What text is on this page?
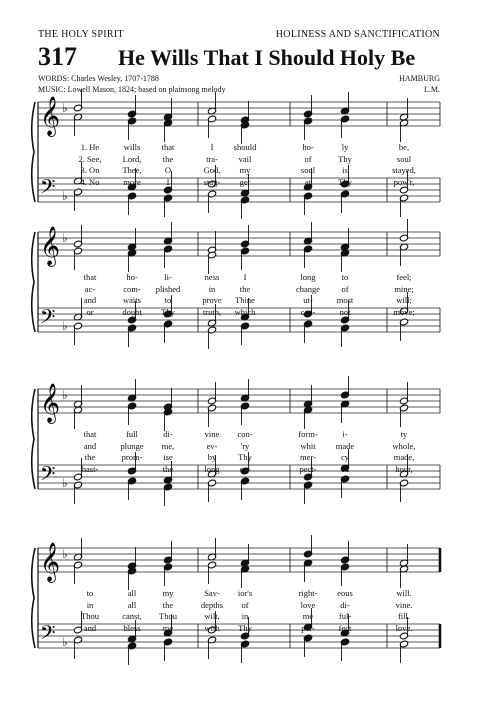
THE HOLY SPIRIT	HOLINESS AND SANCTIFICATION
317 He Wills That I Should Holy Be
WORDS: Charles Wesley, 1707-1788
MUSIC: Lowell Mason, 1824; based on plainsong melody
HAMBURG
L.M.
𝄞
𝄢
♭
♭
𝄞
𝄢
♭
♭
𝄞
𝄢
♭
♭
𝄞
𝄢
♭
♭
1. He	wills	that	I should	ho-	ly	be,
2. See, Lord,	the	tra- vail	of	Thy	soul
3. On	Thee,	O	God, my	soul	is	stayed,
4. No	more	I	stag- ger	at	Thy	pow'r,
that	ho-	li-	ness	I	long	to	feel;
ac-	com- plished	in	the	change	of	mine;
and	waits	to	prove Thine	ut-	most	will;
or	doubt Thy	truth, which	can-	not	move;
that	full	di-	vine con-	form-	i-	ty
and	plunge me,	ev-	'ry	whit made	whole,
the	prom- ise	by	Thy	mer-	cy	made,
hast-	en	the	long ex-	pect-	ed	hour,
to	all	my	Sav- ior's	right- eous	will.
in	all	the	depths of	love	di-	vine.
Thou	canst, Thou	wilt,	in	me	ful-	fill.
and	bless	me	with Thy	per-	fect	love.
